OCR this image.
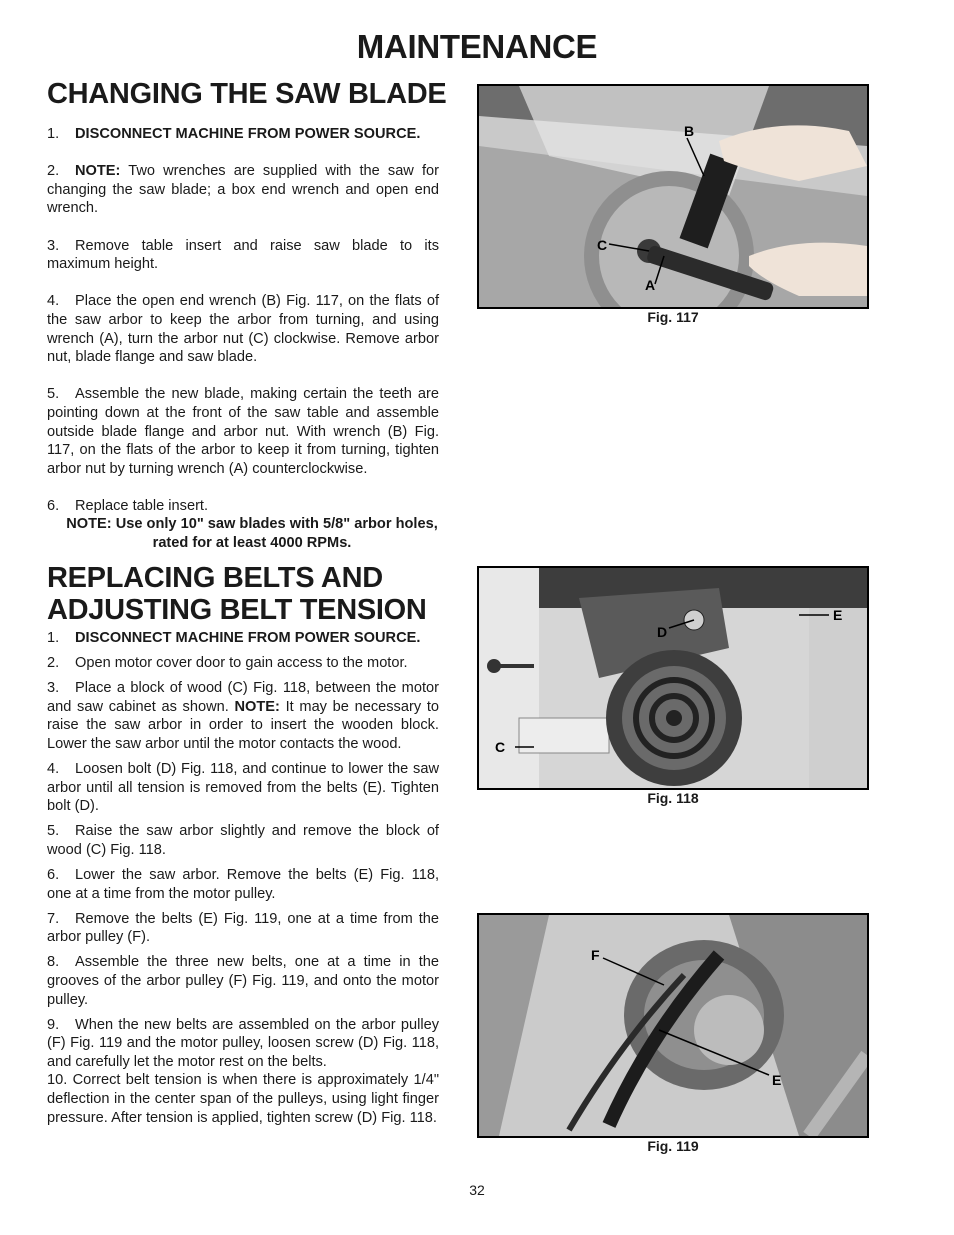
MAINTENANCE
CHANGING THE SAW BLADE

1. DISCONNECT MACHINE FROM POWER SOURCE.

2. NOTE: Two wrenches are supplied with the saw for changing the saw blade; a box end wrench and open end wrench.

3. Remove table insert and raise saw blade to its maximum height.

4. Place the open end wrench (B) Fig. 117, on the flats of the saw arbor to keep the arbor from turning, and using wrench (A), turn the arbor nut (C) clockwise. Remove arbor nut, blade flange and saw blade.

5. Assemble the new blade, making certain the teeth are pointing down at the front of the saw table and assemble outside blade flange and arbor nut. With wrench (B) Fig. 117, on the flats of the arbor to keep it from turning, tighten arbor nut by turning wrench (A) counterclockwise.

6. Replace table insert.

NOTE: Use only 10" saw blades with 5/8" arbor holes, rated for at least 4000 RPMs.

REPLACING BELTS AND ADJUSTING BELT TENSION

1. DISCONNECT MACHINE FROM POWER SOURCE.

2. Open motor cover door to gain access to the motor.

3. Place a block of wood (C) Fig. 118, between the motor and saw cabinet as shown. NOTE: It may be necessary to raise the saw arbor in order to insert the wooden block. Lower the saw arbor until the motor contacts the wood.

4. Loosen bolt (D) Fig. 118, and continue to lower the saw arbor until all tension is removed from the belts (E). Tighten bolt (D).

5. Raise the saw arbor slightly and remove the block of wood (C) Fig. 118.

6. Lower the saw arbor. Remove the belts (E) Fig. 118, one at a time from the motor pulley.

7. Remove the belts (E) Fig. 119, one at a time from the arbor pulley (F).

8. Assemble the three new belts, one at a time in the grooves of the arbor pulley (F) Fig. 119, and onto the motor pulley.

9. When the new belts are assembled on the arbor pulley (F) Fig. 119 and the motor pulley, loosen screw (D) Fig. 118, and carefully let the motor rest on the belts.

10. Correct belt tension is when there is approximately 1/4" deflection in the center span of the pulleys, using light finger pressure. After tension is applied, tighten screw (D) Fig. 118.

B
C
A
Fig. 117
C
D
E
Fig. 118
F
E
Fig. 119
32
